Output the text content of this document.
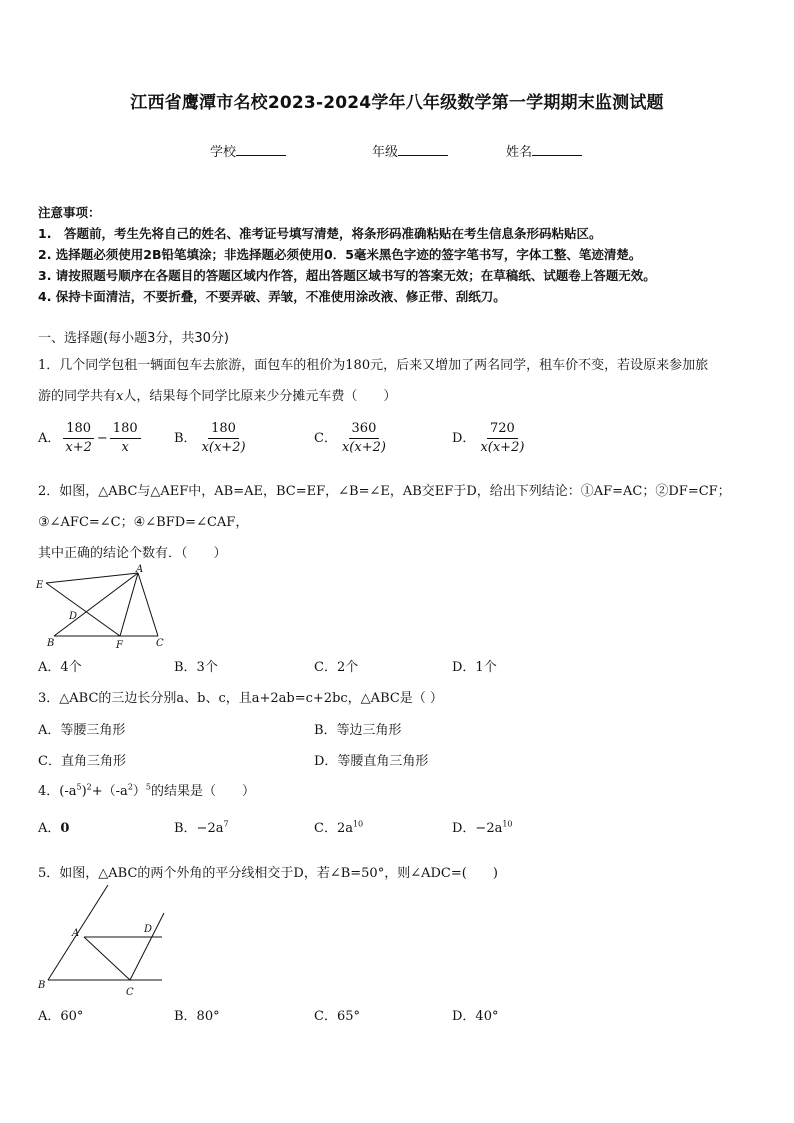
江西省鹰潭市名校2023-2024学年八年级数学第一学期期末监测试题
学校	年级	姓名
注意事项：
1.　答题前，考生先将自己的姓名、准考证号填写清楚，将条形码准确粘贴在考生信息条形码粘贴区。
2. 选择题必须使用2B铅笔填涂；非选择题必须使用0．5毫米黑色字迹的签字笔书写，字体工整、笔迹清楚。
3. 请按照题号顺序在各题目的答题区域内作答，超出答题区域书写的答案无效；在草稿纸、试题卷上答题无效。
4. 保持卡面清洁，不要折叠，不要弄破、弄皱，不准使用涂改液、修正带、刮纸刀。
一、选择题(每小题3分，共30分)
1．几个同学包租一辆面包车去旅游，面包车的租价为180元，后来又增加了两名同学，租车价不变，若设原来参加旅
游的同学共有x人，结果每个同学比原来少分摊元车费（　　）
A． $\frac{180}{x+2} - \frac{180}{x}$	B． $\frac{180}{x(x+2)}$	C． $\frac{360}{x(x+2)}$	D． $\frac{720}{x(x+2)}$
2．如图，△ABC与△AEF中，AB=AE，BC=EF，∠B=∠E，AB交EF于D，给出下列结论：①AF=AC；②DF=CF；
③∠AFC=∠C；④∠BFD=∠CAF，
其中正确的结论个数有．（　　）
E
A
D
B	F	C
A．4个	B．3个	C．2个	D．1个
3．△ABC的三边长分别a、b、c，且a+2ab=c+2bc，△ABC是（ ）
A．等腰三角形	B．等边三角形
C．直角三角形	D．等腰直角三角形
4．$(-a^5)^2+(-a^2)^5$的结果是（　　）
A．0	B．$-2a^7$	C．$2a^{10}$	D．$-2a^{10}$
5．如图，△ABC的两个外角的平分线相交于D，若∠B=50°，则∠ADC=(　　)
A	D
B
C
A．60°	B．80°	C．65°	D．40°
